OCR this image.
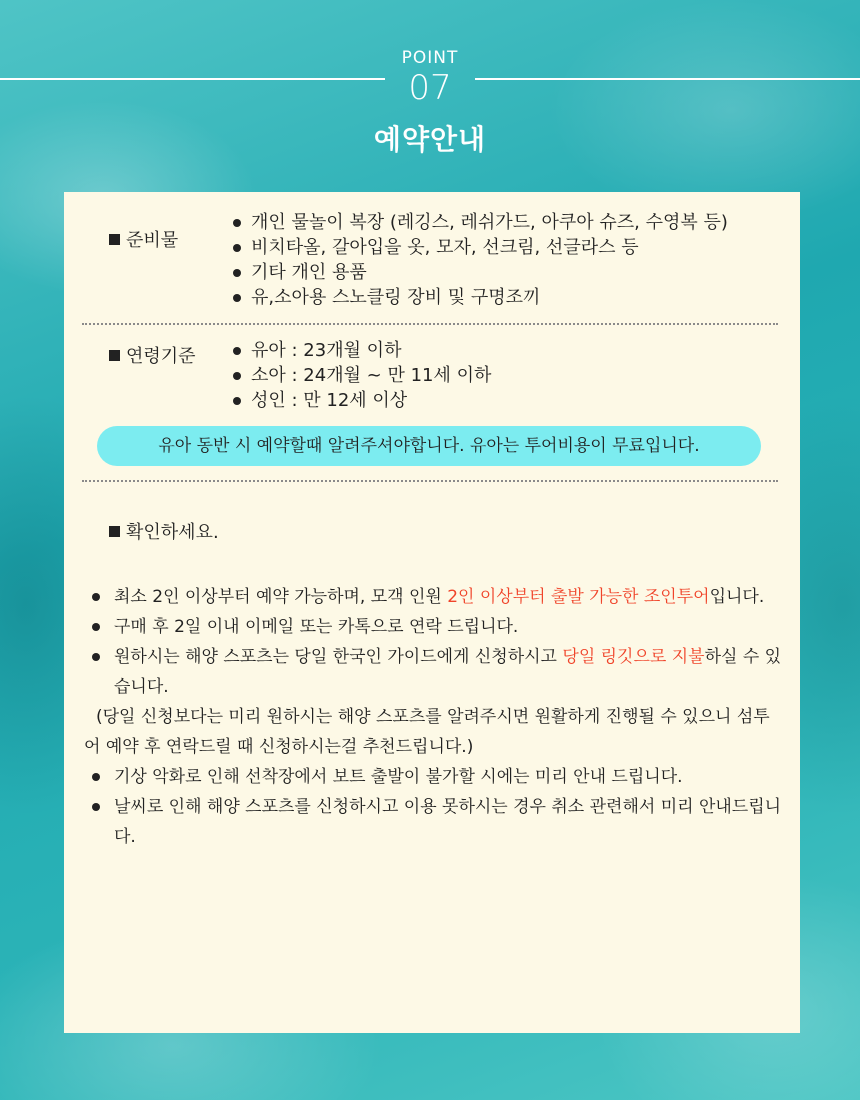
POINT
07
예약안내
준비물
개인 물놀이 복장 (레깅스, 레쉬가드, 아쿠아 슈즈, 수영복 등)
비치타올, 갈아입을 옷, 모자, 선크림, 선글라스 등
기타 개인 용품
유,소아용 스노클링 장비 및 구명조끼
연령기준	유아 : 23개월 이하
소아 : 24개월 ~ 만 11세 이하
성인 : 만 12세 이상
유아 동반 시 예약할때 알려주셔야합니다. 유아는 투어비용이 무료입니다.
확인하세요.
최소 2인 이상부터 예약 가능하며, 모객 인원 2인 이상부터 출발 가능한 조인투어입니다.
구매 후 2일 이내 이메일 또는 카톡으로 연락 드립니다.
원하시는 해양 스포츠는 당일 한국인 가이드에게 신청하시고 당일 링깃으로 지불하실 수 있습니다.
(당일 신청보다는 미리 원하시는 해양 스포츠를 알려주시면 원활하게 진행될 수 있으니 섬투어 예약 후 연락드릴 때 신청하시는걸 추천드립니다.)
기상 악화로 인해 선착장에서 보트 출발이 불가할 시에는 미리 안내 드립니다.
날씨로 인해 해양 스포츠를 신청하시고 이용 못하시는 경우 취소 관련해서 미리 안내드립니다.
